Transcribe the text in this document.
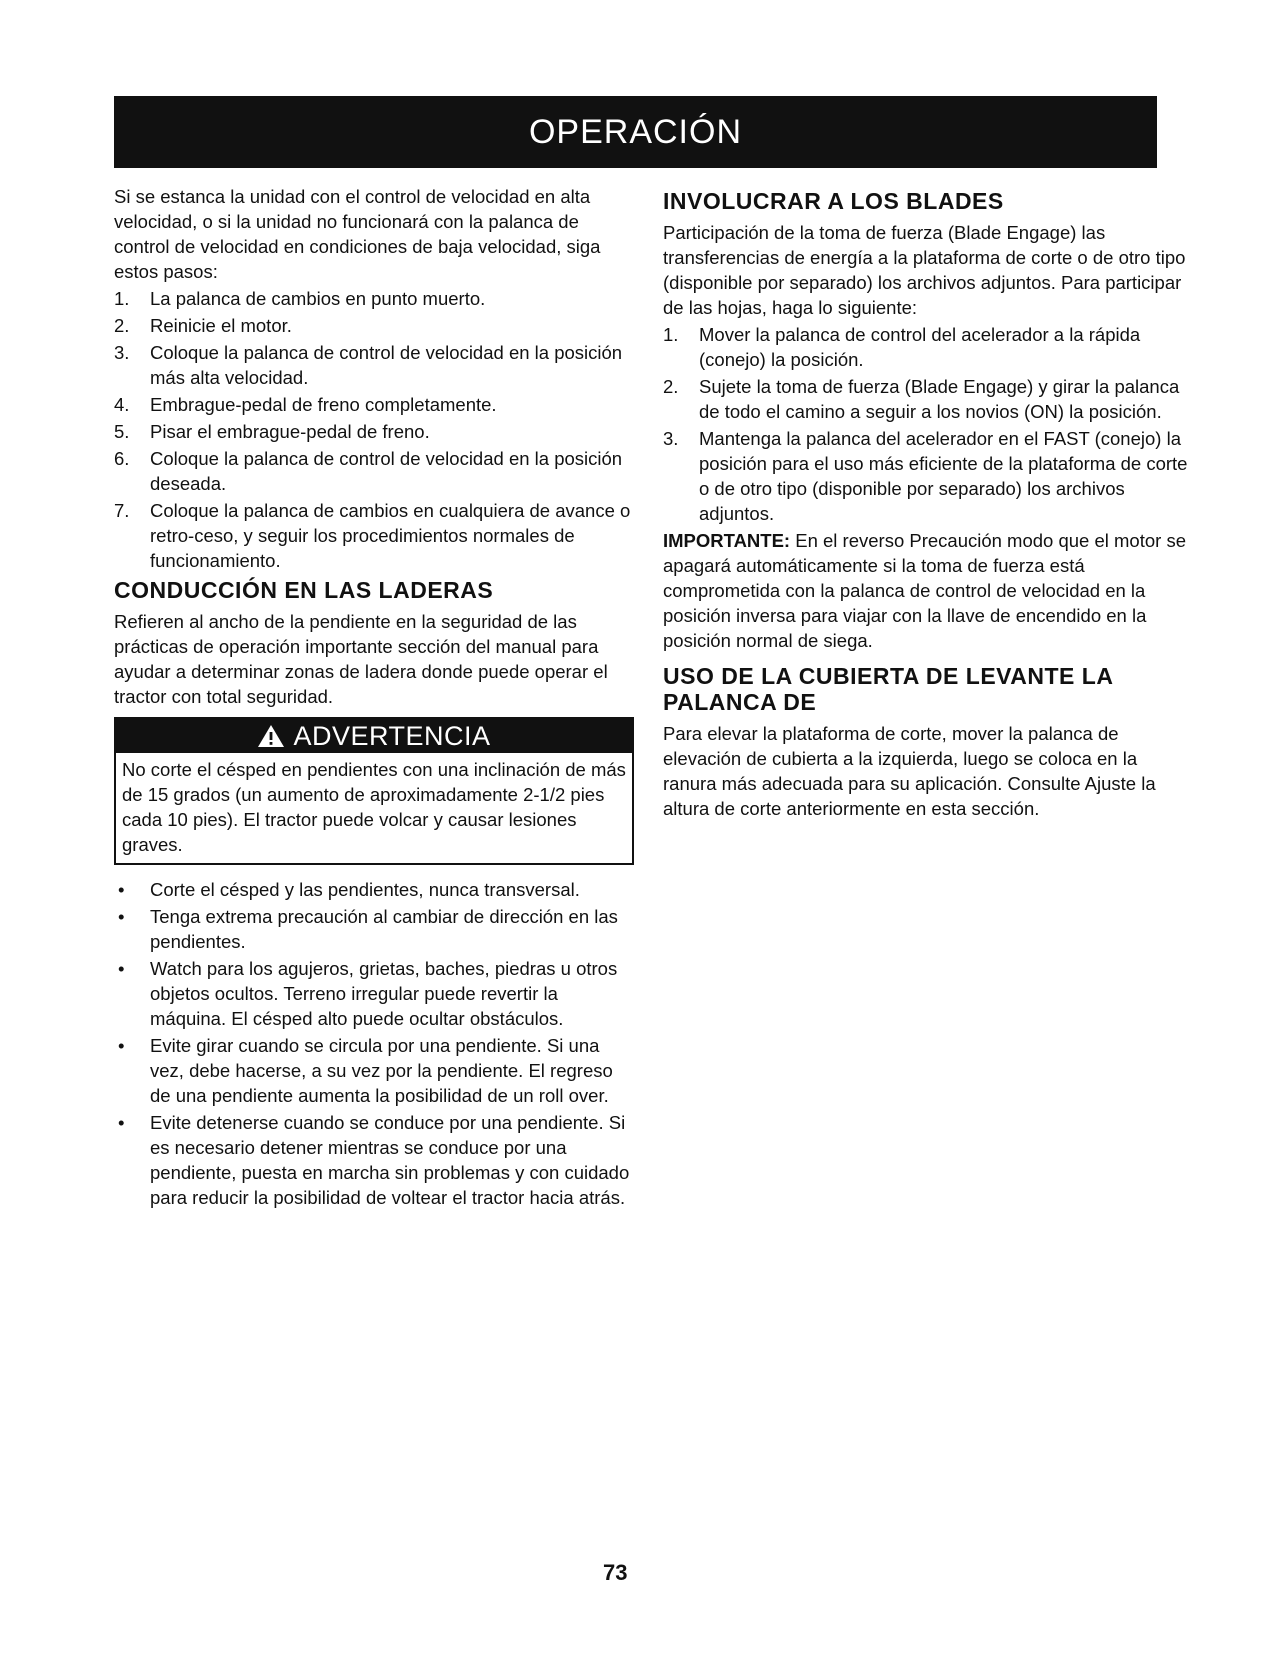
OPERACIÓN

Si se estanca la unidad con el control de velocidad en alta velocidad, o si la unidad no funcionará con la palanca de control de velocidad en condiciones de baja velocidad, siga estos pasos:

1. La palanca de cambios en punto muerto.
2. Reinicie el motor.
3. Coloque la palanca de control de velocidad en la posición más alta velocidad.
4. Embrague-pedal de freno completamente.
5. Pisar el embrague-pedal de freno.
6. Coloque la palanca de control de velocidad en la posición deseada.
7. Coloque la palanca de cambios en cualquiera de avance o retro-ceso, y seguir los procedimientos normales de funcionamiento.
CONDUCCIÓN EN LAS LADERAS

Refieren al ancho de la pendiente en la seguridad de las prácticas de operación importante sección del manual para ayudar a determinar zonas de ladera donde puede operar el tractor con total seguridad.

ADVERTENCIA
No corte el césped en pendientes con una inclinación de más de 15 grados (un aumento de aproximadamente 2-1/2 pies cada 10 pies). El tractor puede volcar y causar lesiones graves.
• Corte el césped y las pendientes, nunca transversal.
• Tenga extrema precaución al cambiar de dirección en las pendientes.
• Watch para los agujeros, grietas, baches, piedras u otros objetos ocultos. Terreno irregular puede revertir la máquina. El césped alto puede ocultar obstáculos.
• Evite girar cuando se circula por una pendiente. Si una vez, debe hacerse, a su vez por la pendiente. El regreso de una pendiente aumenta la posibilidad de un roll over.
• Evite detenerse cuando se conduce por una pendiente. Si es necesario detener mientras se conduce por una pendiente, puesta en marcha sin problemas y con cuidado para reducir la posibilidad de voltear el tractor hacia atrás.
INVOLUCRAR A LOS BLADES

Participación de la toma de fuerza (Blade Engage) las transferencias de energía a la plataforma de corte o de otro tipo (disponible por separado) los archivos adjuntos. Para participar de las hojas, haga lo siguiente:

1. Mover la palanca de control del acelerador a la rápida (conejo) la posición.
2. Sujete la toma de fuerza (Blade Engage) y girar la palanca de todo el camino a seguir a los novios (ON) la posición.
3. Mantenga la palanca del acelerador en el FAST (conejo) la posición para el uso más eficiente de la plataforma de corte o de otro tipo (disponible por separado) los archivos adjuntos.

IMPORTANTE: En el reverso Precaución modo que el motor se apagará automáticamente si la toma de fuerza está comprometida con la palanca de control de velocidad en la posición inversa para viajar con la llave de encendido en la posición normal de siega.

USO DE LA CUBIERTA DE LEVANTE LA PALANCA DE

Para elevar la plataforma de corte, mover la palanca de elevación de cubierta a la izquierda, luego se coloca en la ranura más adecuada para su aplicación. Consulte Ajuste la altura de corte anteriormente en esta sección.

73
